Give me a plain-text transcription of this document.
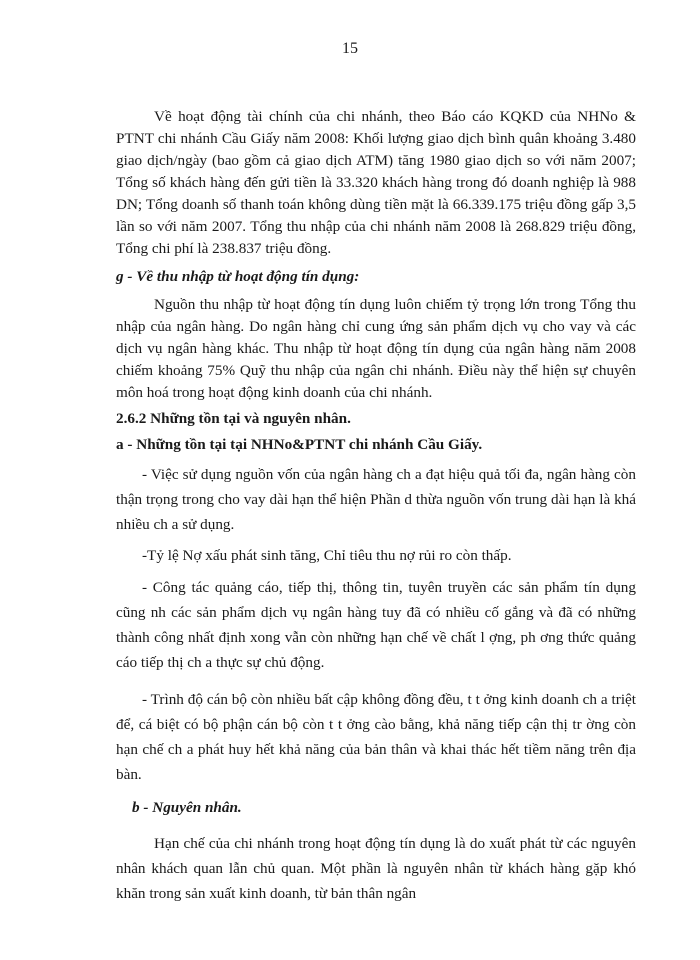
15

Về hoạt động tài chính của chi nhánh, theo Báo cáo KQKD của NHNo & PTNT chi nhánh Cầu Giấy năm 2008: Khối lượng giao dịch bình quân khoảng 3.480 giao dịch/ngày (bao gồm cả giao dịch ATM) tăng 1980 giao dịch so với năm 2007; Tổng số khách hàng đến gửi tiền là 33.320 khách hàng trong đó doanh nghiệp là 988 DN; Tổng doanh số thanh toán không dùng tiền mặt là 66.339.175 triệu đồng gấp 3,5 lần so với năm 2007. Tổng thu nhập của chi nhánh năm 2008 là 268.829 triệu đồng, Tổng chi phí là 238.837 triệu đồng.

g - Về thu nhập từ hoạt động tín dụng:

Nguồn thu nhập từ hoạt động tín dụng luôn chiếm tỷ trọng lớn trong Tổng thu nhập của ngân hàng. Do ngân hàng chỉ cung ứng sản phẩm dịch vụ cho vay và các dịch vụ ngân hàng khác. Thu nhập từ hoạt động tín dụng của ngân hàng năm 2008 chiếm khoảng 75% Quỹ thu nhập của ngân chi nhánh. Điều này thể hiện sự chuyên môn hoá trong hoạt động kinh doanh của chi nhánh.

2.6.2 Những tồn tại và nguyên nhân.

a - Những tồn tại tại NHNo&PTNT chi nhánh Cầu Giấy.

- Việc sử dụng nguồn vốn của ngân hàng ch a đạt hiệu quả tối đa, ngân hàng còn thận trọng trong cho vay dài hạn thể hiện Phần d thừa nguồn vốn trung dài hạn là khá nhiều ch a sử dụng.

-Tỷ lệ Nợ xấu phát sinh tăng, Chỉ tiêu thu nợ rủi ro còn thấp.

- Công tác quảng cáo, tiếp thị, thông tin, tuyên truyền các sản phẩm tín dụng cũng nh các sản phẩm dịch vụ ngân hàng tuy đã có nhiều cố gắng và đã có những thành công nhất định xong vẫn còn những hạn chế về chất l ợng, ph ơng thức quảng cáo tiếp thị ch a thực sự chủ động.

- Trình độ cán bộ còn nhiều bất cập không đồng đều, t t ởng kinh doanh ch a triệt để, cá biệt có bộ phận cán bộ còn t t ởng cào bằng, khả năng tiếp cận thị tr ờng còn hạn chế ch a phát huy hết khả năng của bản thân và khai thác hết tiềm năng trên địa bàn.

b - Nguyên nhân.

Hạn chế của chi nhánh trong hoạt động tín dụng là do xuất phát từ các nguyên nhân khách quan lẫn chủ quan. Một phần là nguyên nhân từ khách hàng gặp khó khăn trong sản xuất kinh doanh, từ bản thân ngân
